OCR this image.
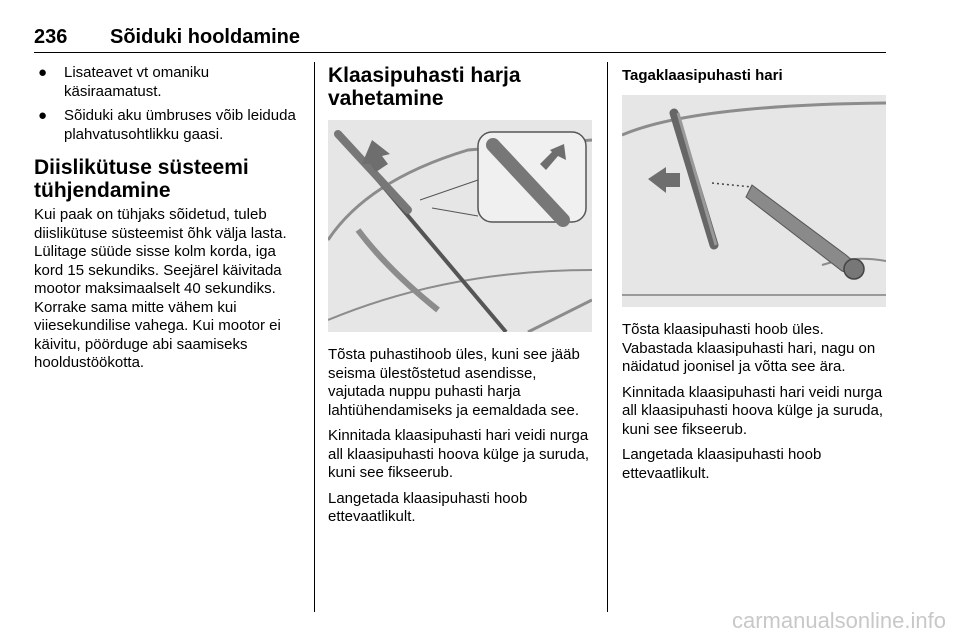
236 Sõiduki hooldamine
● Lisateavet vt omaniku käsiraamatust.
● Sõiduki aku ümbruses võib leiduda plahvatusohtlikku gaasi.
Diislikütuse süsteemi tühjendamine

Kui paak on tühjaks sõidetud, tuleb diislikütuse süsteemist õhk välja lasta. Lülitage süüde sisse kolm korda, iga kord 15 sekundiks. Seejärel käivitada mootor maksimaalselt 40 sekundiks. Korrake sama mitte vähem kui viiesekundilise vahega. Kui mootor ei käivitu, pöörduge abi saamiseks hooldustöökotta.

Klaasipuhasti harja vahetamine

Tõsta puhastihoob üles, kuni see jääb seisma ülestõstetud asendisse, vajutada nuppu puhasti harja lahtiühendamiseks ja eemaldada see.

Kinnitada klaasipuhasti hari veidi nurga all klaasipuhasti hoova külge ja suruda, kuni see fikseerub.

Langetada klaasipuhasti hoob ettevaatlikult.

Tagaklaasipuhasti hari

Tõsta klaasipuhasti hoob üles. Vabastada klaasipuhasti hari, nagu on näidatud joonisel ja võtta see ära.

Kinnitada klaasipuhasti hari veidi nurga all klaasipuhasti hoova külge ja suruda, kuni see fikseerub.

Langetada klaasipuhasti hoob ettevaatlikult.

carmanualsonline.info
